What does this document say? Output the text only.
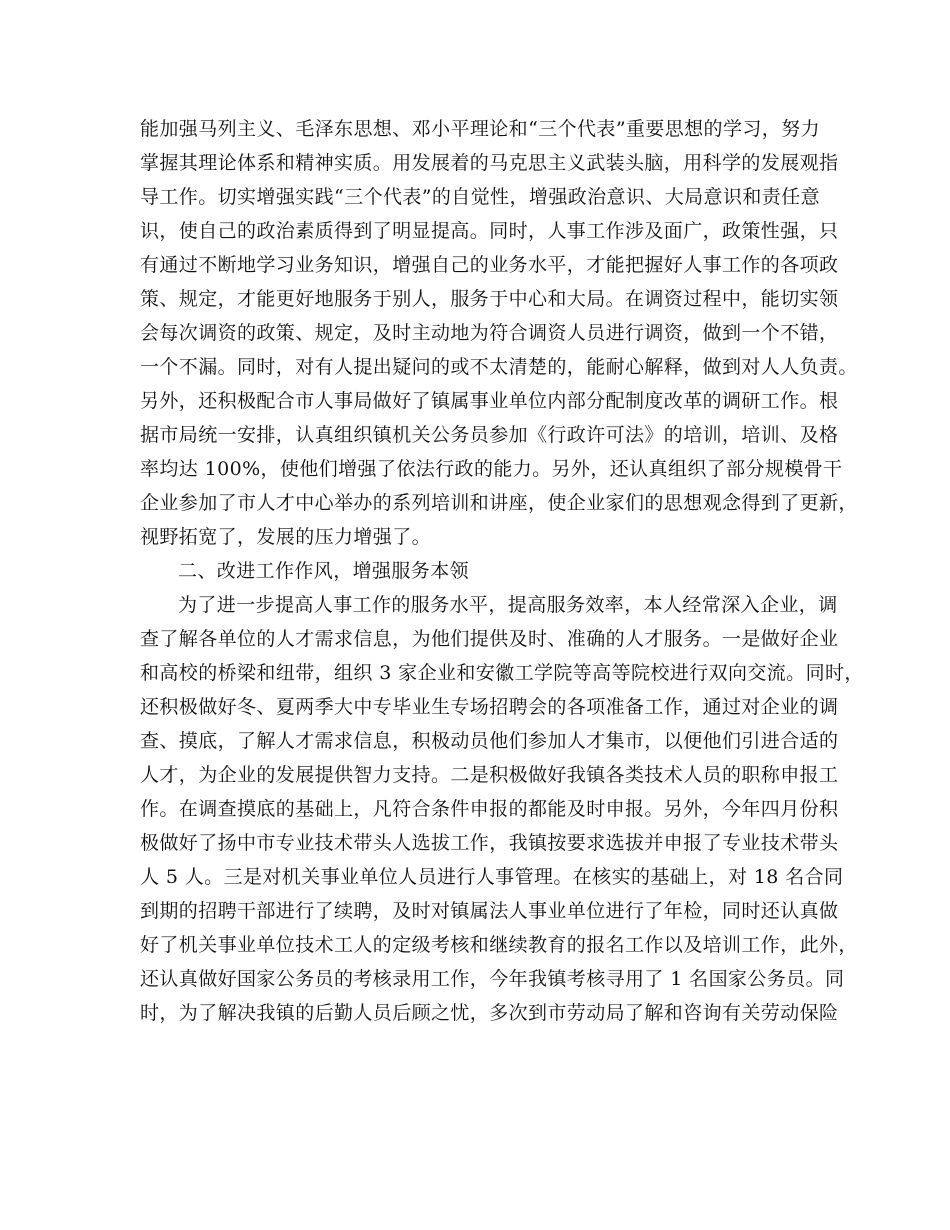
能加强马列主义、毛泽东思想、邓小平理论和“三个代表”重要思想的学习，努力
掌握其理论体系和精神实质。用发展着的马克思主义武装头脑，用科学的发展观指
导工作。切实增强实践“三个代表”的自觉性，增强政治意识、大局意识和责任意
识，使自己的政治素质得到了明显提高。同时，人事工作涉及面广，政策性强，只
有通过不断地学习业务知识，增强自己的业务水平，才能把握好人事工作的各项政
策、规定，才能更好地服务于别人，服务于中心和大局。在调资过程中，能切实领
会每次调资的政策、规定，及时主动地为符合调资人员进行调资，做到一个不错，
一个不漏。同时，对有人提出疑问的或不太清楚的，能耐心解释，做到对人人负责。
另外，还积极配合市人事局做好了镇属事业单位内部分配制度改革的调研工作。根
据市局统一安排，认真组织镇机关公务员参加《行政许可法》的培训，培训、及格
率均达 100%，使他们增强了依法行政的能力。另外，还认真组织了部分规模骨干
企业参加了市人才中心举办的系列培训和讲座，使企业家们的思想观念得到了更新，
视野拓宽了，发展的压力增强了。
二、改进工作作风，增强服务本领
为了进一步提高人事工作的服务水平，提高服务效率，本人经常深入企业，调
查了解各单位的人才需求信息，为他们提供及时、准确的人才服务。一是做好企业
和高校的桥梁和纽带，组织 3 家企业和安徽工学院等高等院校进行双向交流。同时，
还积极做好冬、夏两季大中专毕业生专场招聘会的各项准备工作，通过对企业的调
查、摸底，了解人才需求信息，积极动员他们参加人才集市，以便他们引进合适的
人才，为企业的发展提供智力支持。二是积极做好我镇各类技术人员的职称申报工
作。在调查摸底的基础上，凡符合条件申报的都能及时申报。另外，今年四月份积
极做好了扬中市专业技术带头人选拔工作，我镇按要求选拔并申报了专业技术带头
人 5 人。三是对机关事业单位人员进行人事管理。在核实的基础上，对 18 名合同
到期的招聘干部进行了续聘，及时对镇属法人事业单位进行了年检，同时还认真做
好了机关事业单位技术工人的定级考核和继续教育的报名工作以及培训工作，此外，
还认真做好国家公务员的考核录用工作，今年我镇考核寻用了 1 名国家公务员。同
时，为了解决我镇的后勤人员后顾之忧，多次到市劳动局了解和咨询有关劳动保险
